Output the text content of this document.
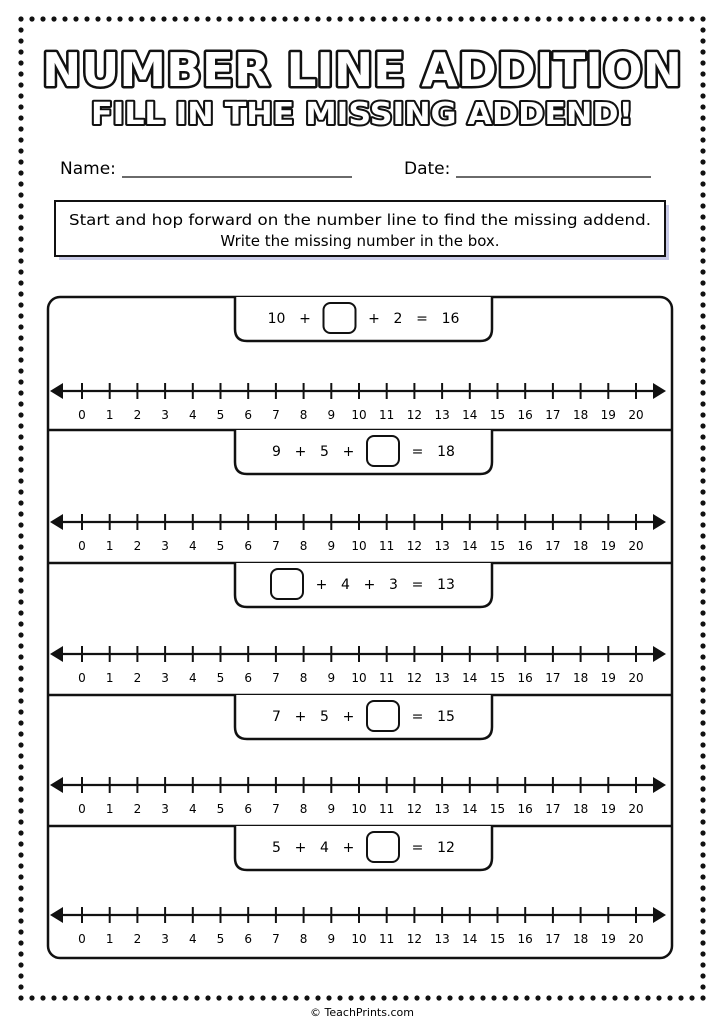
NUMBER LINE ADDITION
FILL IN THE MISSING ADDEND!
Name:	Date:
Start and hop forward on the number line to find the missing addend.
Write the missing number in the box.
10 +	+ 2 = 16
0 1 2 3 4 5 6 7 8 9 10 11 12 13 14 15 16 17 18 19 20
9 + 5 +	= 18
0 1 2 3 4 5 6 7 8 9 10 11 12 13 14 15 16 17 18 19 20
+ 4 + 3 = 13
0 1 2 3 4 5 6 7 8 9 10 11 12 13 14 15 16 17 18 19 20
7 + 5 +	= 15
0 1 2 3 4 5 6 7 8 9 10 11 12 13 14 15 16 17 18 19 20
5 + 4 +	= 12
0 1 2 3 4 5 6 7 8 9 10 11 12 13 14 15 16 17 18 19 20
© TeachPrints.com
